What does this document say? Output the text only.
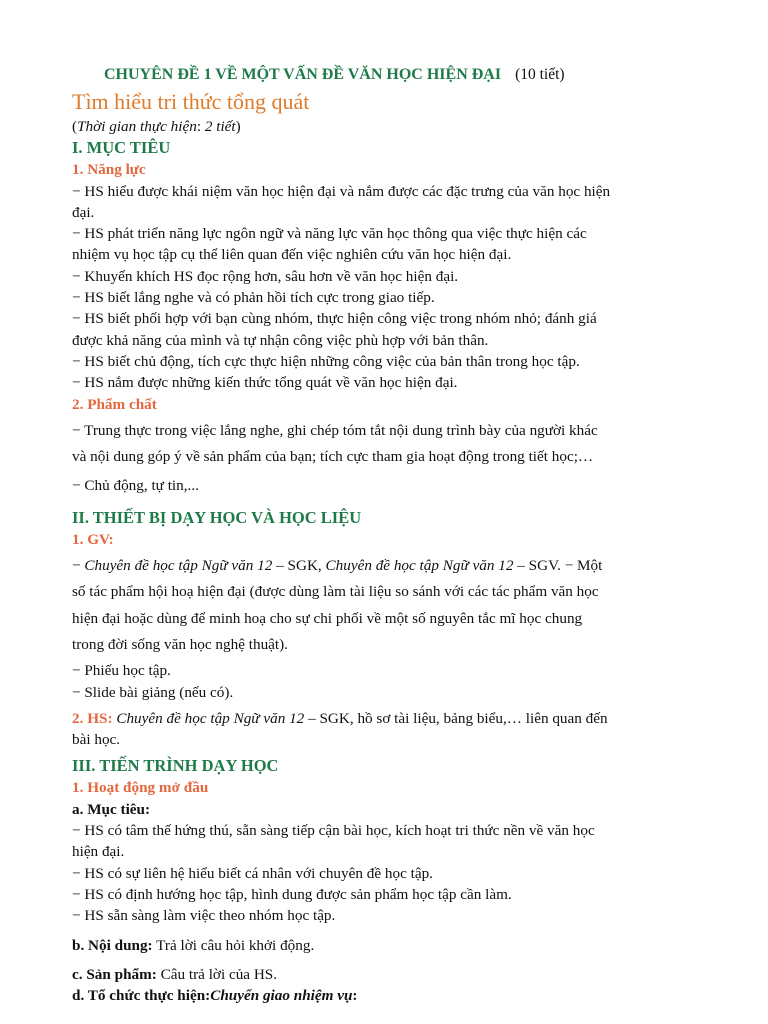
CHUYÊN ĐỀ 1 VỀ MỘT VẤN ĐỀ VĂN HỌC HIỆN ĐẠI (10 tiết)
Tìm hiểu tri thức tổng quát
(Thời gian thực hiện: 2 tiết)
I. MỤC TIÊU
1. Năng lực
− HS hiểu được khái niệm văn học hiện đại và nắm được các đặc trưng của văn học hiện
đại.
− HS phát triển năng lực ngôn ngữ và năng lực văn học thông qua việc thực hiện các
nhiệm vụ học tập cụ thể liên quan đến việc nghiên cứu văn học hiện đại.
− Khuyến khích HS đọc rộng hơn, sâu hơn về văn học hiện đại.
− HS biết lắng nghe và có phản hồi tích cực trong giao tiếp.
− HS biết phối hợp với bạn cùng nhóm, thực hiện công việc trong nhóm nhỏ; đánh giá
được khả năng của mình và tự nhận công việc phù hợp với bản thân.
− HS biết chủ động, tích cực thực hiện những công việc của bản thân trong học tập.
− HS nắm được những kiến thức tổng quát về văn học hiện đại.
2. Phẩm chất
− Trung thực trong việc lắng nghe, ghi chép tóm tắt nội dung trình bày của người khác
và nội dung góp ý về sản phẩm của bạn; tích cực tham gia hoạt động trong tiết học;…
− Chủ động, tự tin,...
II. THIẾT BỊ DẠY HỌC VÀ HỌC LIỆU
1. GV:
− Chuyên đề học tập Ngữ văn 12 – SGK, Chuyên đề học tập Ngữ văn 12 – SGV. − Một
số tác phẩm hội hoạ hiện đại (được dùng làm tài liệu so sánh với các tác phẩm văn học
hiện đại hoặc dùng để minh hoạ cho sự chi phối về một số nguyên tắc mĩ học chung
trong đời sống văn học nghệ thuật).
− Phiếu học tập.
− Slide bài giảng (nếu có).
2. HS: Chuyên đề học tập Ngữ văn 12 – SGK, hồ sơ tài liệu, bảng biểu,… liên quan đến
bài học.
III. TIẾN TRÌNH DẠY HỌC
1. Hoạt động mở đầu
a. Mục tiêu:
− HS có tâm thế hứng thú, sẵn sàng tiếp cận bài học, kích hoạt tri thức nền về văn học
hiện đại.
− HS có sự liên hệ hiểu biết cá nhân với chuyên đề học tập.
− HS có định hướng học tập, hình dung được sản phẩm học tập cần làm.
− HS sẵn sàng làm việc theo nhóm học tập.
b. Nội dung: Trả lời câu hỏi khởi động.
c. Sản phẩm: Câu trả lời của HS.
d. Tổ chức thực hiện:Chuyển giao nhiệm vụ:
